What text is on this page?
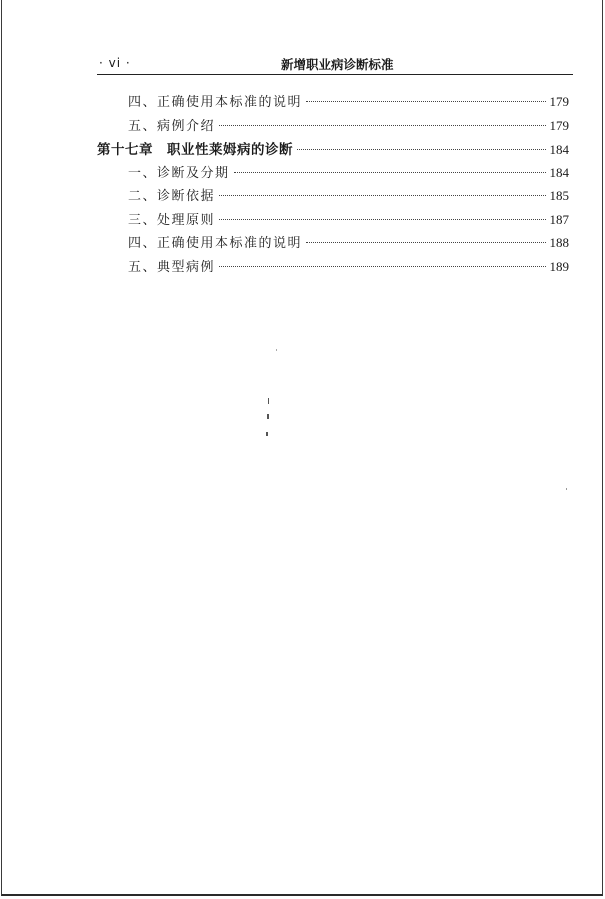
· vi ·	新增职业病诊断标准
四、正确使用本标准的说明	179
五、病例介绍	179
第十七章　职业性莱姆病的诊断	184
一、诊断及分期	184
二、诊断依据	185
三、处理原则	187
四、正确使用本标准的说明	188
五、典型病例	189
